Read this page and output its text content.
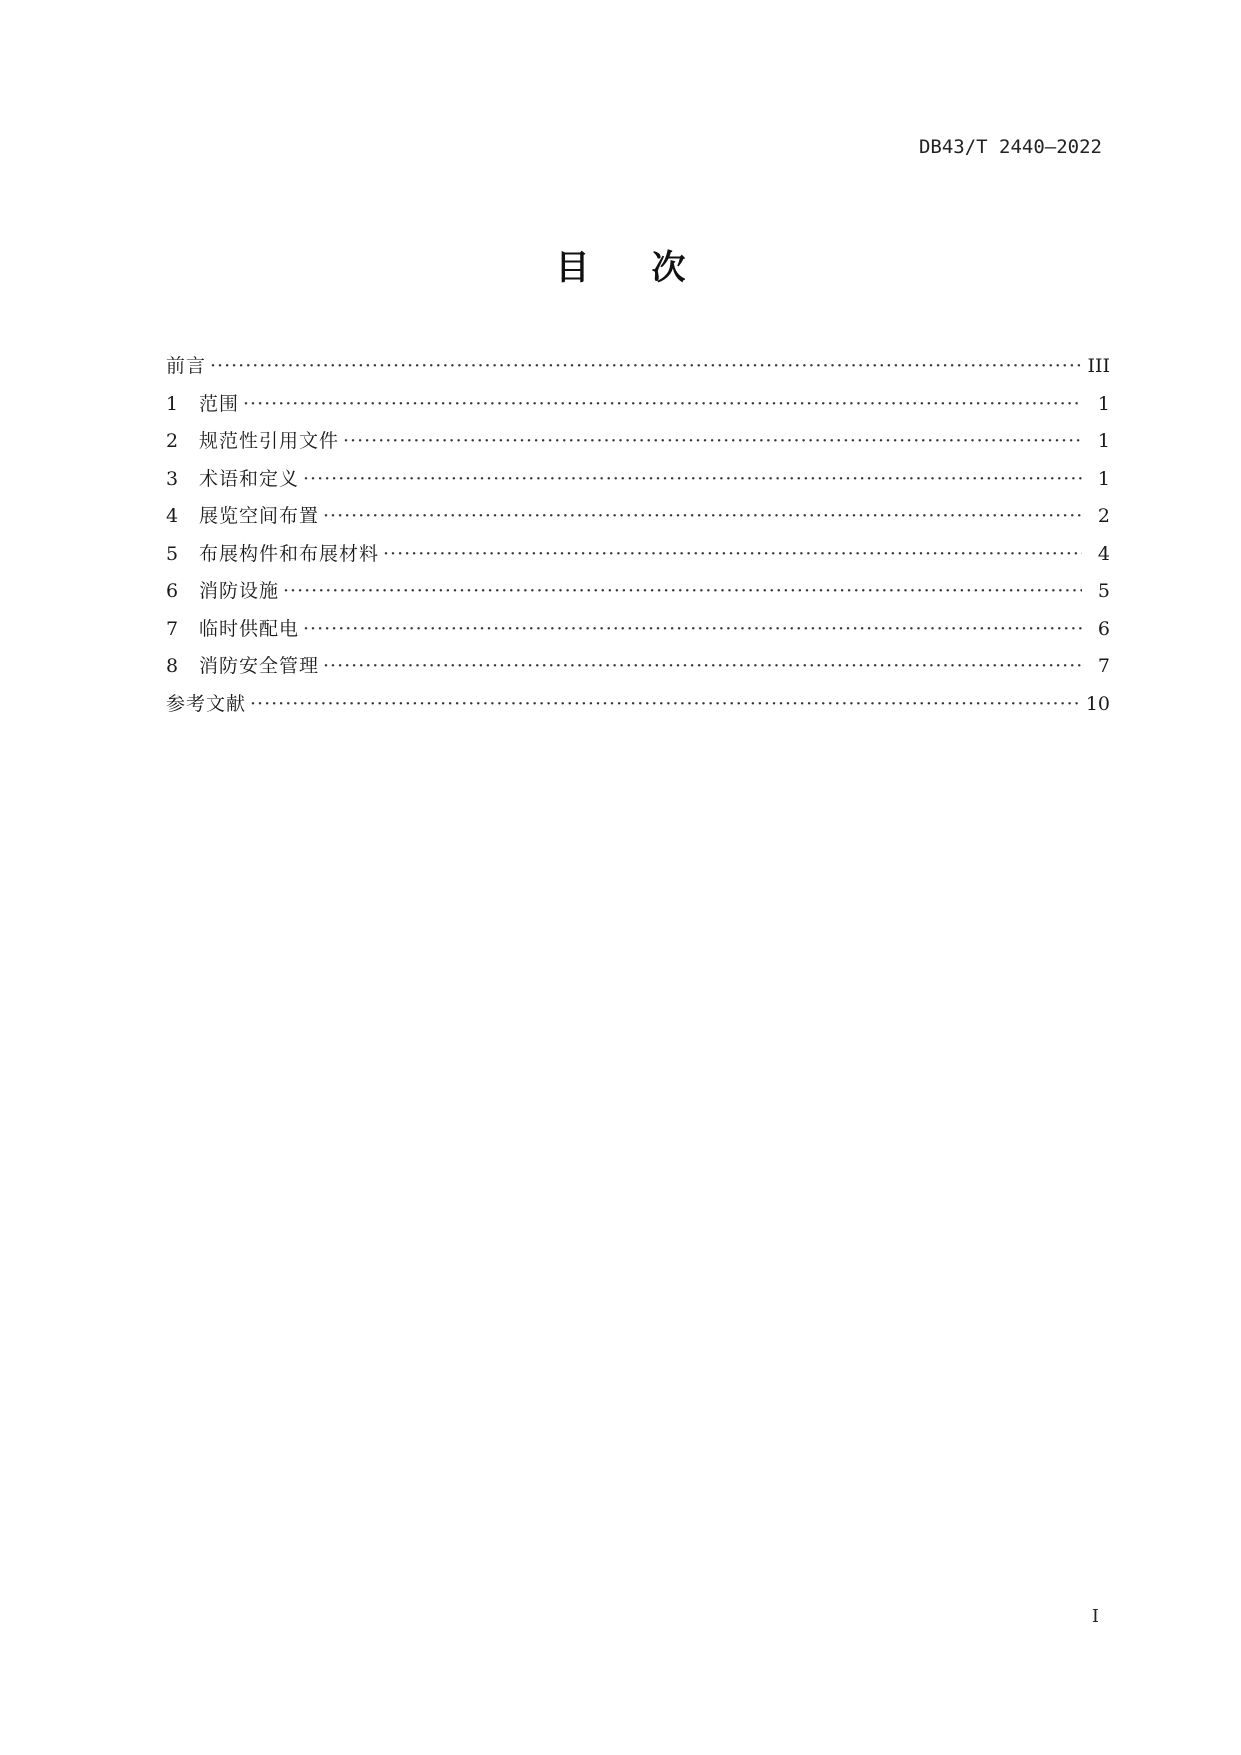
DB43/T 2440—2022
目次
前言 ·····	III
1	范围 ·····	1
2	规范性引用文件 ·····	1
3	术语和定义 ·····	1
4	展览空间布置 ·····	2
5	布展构件和布展材料 ·····	4
6	消防设施 ·····	5
7	临时供配电 ·····	6
8	消防安全管理 ·····	7
参考文献 ·····	10
I
